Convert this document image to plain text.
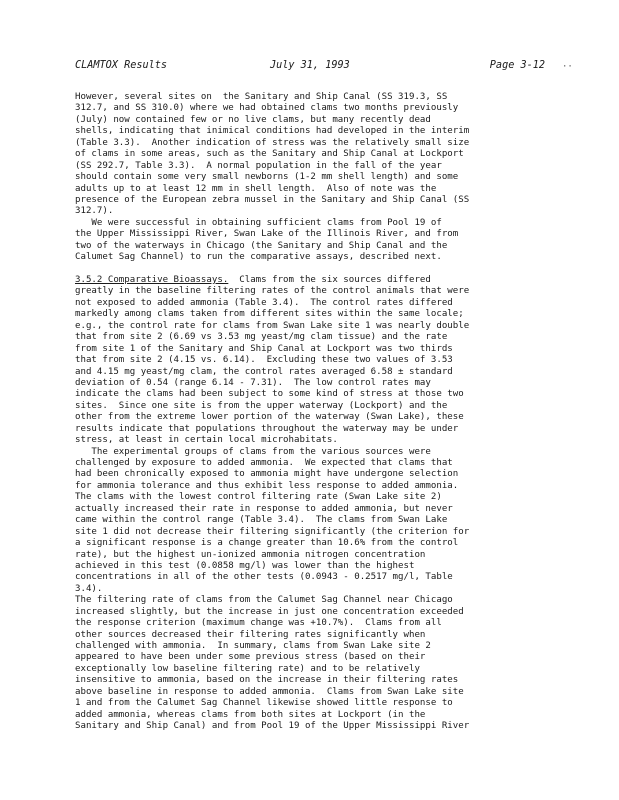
CLAMTOX Results	July 31, 1993	Page 3-12 ··
However, several sites on  the Sanitary and Ship Canal (SS 319.3, SS
312.7, and SS 310.0) where we had obtained clams two months previously
(July) now contained few or no live clams, but many recently dead
shells, indicating that inimical conditions had developed in the interim
(Table 3.3).  Another indication of stress was the relatively small size
of clams in some areas, such as the Sanitary and Ship Canal at Lockport
(SS 292.7, Table 3.3).  A normal population in the fall of the year
should contain some very small newborns (1-2 mm shell length) and some
adults up to at least 12 mm in shell length.  Also of note was the
presence of the European zebra mussel in the Sanitary and Ship Canal (SS
312.7).
We were successful in obtaining sufficient clams from Pool 19 of
the Upper Mississippi River, Swan Lake of the Illinois River, and from
two of the waterways in Chicago (the Sanitary and Ship Canal and the
Calumet Sag Channel) to run the comparative assays, described next.
3.5.2 Comparative Bioassays.  Clams from the six sources differed
greatly in the baseline filtering rates of the control animals that were
not exposed to added ammonia (Table 3.4).  The control rates differed
markedly among clams taken from different sites within the same locale;
e.g., the control rate for clams from Swan Lake site 1 was nearly double
that from site 2 (6.69 vs 3.53 mg yeast/mg clam tissue) and the rate
from site 1 of the Sanitary and Ship Canal at Lockport was two thirds
that from site 2 (4.15 vs. 6.14).  Excluding these two values of 3.53
and 4.15 mg yeast/mg clam, the control rates averaged 6.58 ± standard
deviation of 0.54 (range 6.14 - 7.31).  The low control rates may
indicate the clams had been subject to some kind of stress at those two
sites.  Since one site is from the upper waterway (Lockport) and the
other from the extreme lower portion of the waterway (Swan Lake), these
results indicate that populations throughout the waterway may be under
stress, at least in certain local microhabitats.
The experimental groups of clams from the various sources were
challenged by exposure to added ammonia.  We expected that clams that
had been chronically exposed to ammonia might have undergone selection
for ammonia tolerance and thus exhibit less response to added ammonia.
The clams with the lowest control filtering rate (Swan Lake site 2)
actually increased their rate in response to added ammonia, but never
came within the control range (Table 3.4).  The clams from Swan Lake
site 1 did not decrease their filtering significantly (the criterion for
a significant response is a change greater than 10.6% from the control
rate), but the highest un-ionized ammonia nitrogen concentration
achieved in this test (0.0858 mg/l) was lower than the highest
concentrations in all of the other tests (0.0943 - 0.2517 mg/l, Table
3.4).
The filtering rate of clams from the Calumet Sag Channel near Chicago
increased slightly, but the increase in just one concentration exceeded
the response criterion (maximum change was +10.7%).  Clams from all
other sources decreased their filtering rates significantly when
challenged with ammonia.  In summary, clams from Swan Lake site 2
appeared to have been under some previous stress (based on their
exceptionally low baseline filtering rate) and to be relatively
insensitive to ammonia, based on the increase in their filtering rates
above baseline in response to added ammonia.  Clams from Swan Lake site
1 and from the Calumet Sag Channel likewise showed little response to
added ammonia, whereas clams from both sites at Lockport (in the
Sanitary and Ship Canal) and from Pool 19 of the Upper Mississippi River
